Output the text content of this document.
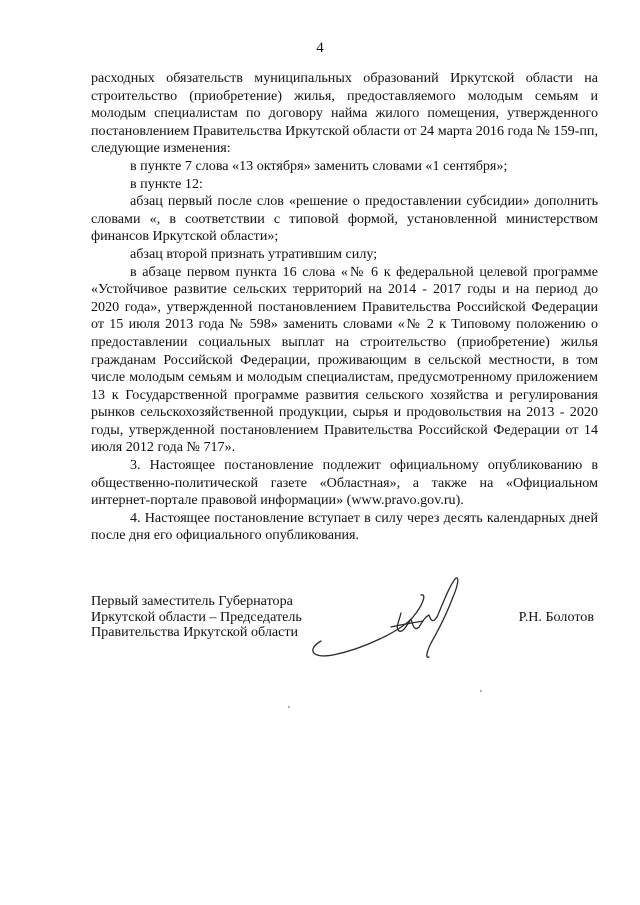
4

расходных обязательств муниципальных образований Иркутской области на строительство (приобретение) жилья, предоставляемого молодым семьям и молодым специалистам по договору найма жилого помещения, утвержденного постановлением Правительства Иркутской области от 24 марта 2016 года № 159-пп, следующие изменения:

в пункте 7 слова «13 октября» заменить словами «1 сентября»;

в пункте 12:

абзац первый после слов «решение о предоставлении субсидии» дополнить словами «, в соответствии с типовой формой, установленной министерством финансов Иркутской области»;

абзац второй признать утратившим силу;

в абзаце первом пункта 16 слова «№ 6 к федеральной целевой программе «Устойчивое развитие сельских территорий на 2014 - 2017 годы и на период до 2020 года», утвержденной постановлением Правительства Российской Федерации от 15 июля 2013 года № 598» заменить словами «№ 2 к Типовому положению о предоставлении социальных выплат на строительство (приобретение) жилья гражданам Российской Федерации, проживающим в сельской местности, в том числе молодым семьям и молодым специалистам, предусмотренному приложением 13 к Государственной программе развития сельского хозяйства и регулирования рынков сельскохозяйственной продукции, сырья и продовольствия на 2013 - 2020 годы, утвержденной постановлением Правительства Российской Федерации от 14 июля 2012 года № 717».

3. Настоящее постановление подлежит официальному опубликованию в общественно-политической газете «Областная», а также на «Официальном интернет-портале правовой информации» (www.pravo.gov.ru).

4. Настоящее постановление вступает в силу через десять календарных дней после дня его официального опубликования.

Первый заместитель Губернатора
Иркутской области – Председатель
Правительства Иркутской области
Р.Н. Болотов
